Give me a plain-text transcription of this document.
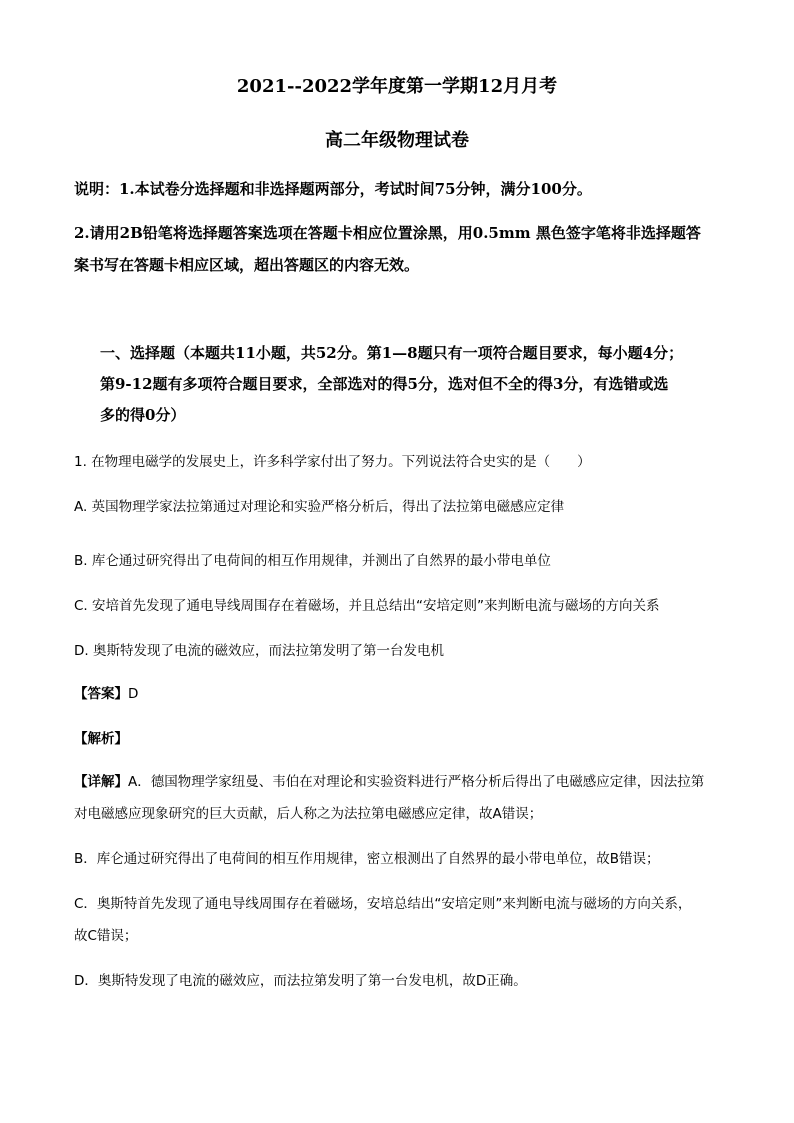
2021--2022学年度第一学期12月月考
高二年级物理试卷
说明：1.本试卷分选择题和非选择题两部分，考试时间75分钟，满分100分。
2.请用2B铅笔将选择题答案选项在答题卡相应位置涂黑，用0.5mm 黑色签字笔将非选择题答
案书写在答题卡相应区域，超出答题区的内容无效。
一、选择题（本题共11小题，共52分。第1—8题只有一项符合题目要求，每小题4分；
第9-12题有多项符合题目要求，全部选对的得5分，选对但不全的得3分，有选错或选
多的得0分）
1. 在物理电磁学的发展史上，许多科学家付出了努力。下列说法符合史实的是（　　）
A. 英国物理学家法拉第通过对理论和实验严格分析后，得出了法拉第电磁感应定律
B. 库仑通过研究得出了电荷间的相互作用规律，并测出了自然界的最小带电单位
C. 安培首先发现了通电导线周围存在着磁场，并且总结出“安培定则”来判断电流与磁场的方向关系
D. 奥斯特发现了电流的磁效应，而法拉第发明了第一台发电机
【答案】D
【解析】
【详解】A．德国物理学家纽曼、韦伯在对理论和实验资料进行严格分析后得出了电磁感应定律，因法拉第
对电磁感应现象研究的巨大贡献，后人称之为法拉第电磁感应定律，故A错误；
B．库仑通过研究得出了电荷间的相互作用规律，密立根测出了自然界的最小带电单位，故B错误；
C．奥斯特首先发现了通电导线周围存在着磁场，安培总结出“安培定则”来判断电流与磁场的方向关系，
故C错误；
D．奥斯特发现了电流的磁效应，而法拉第发明了第一台发电机，故D正确。
